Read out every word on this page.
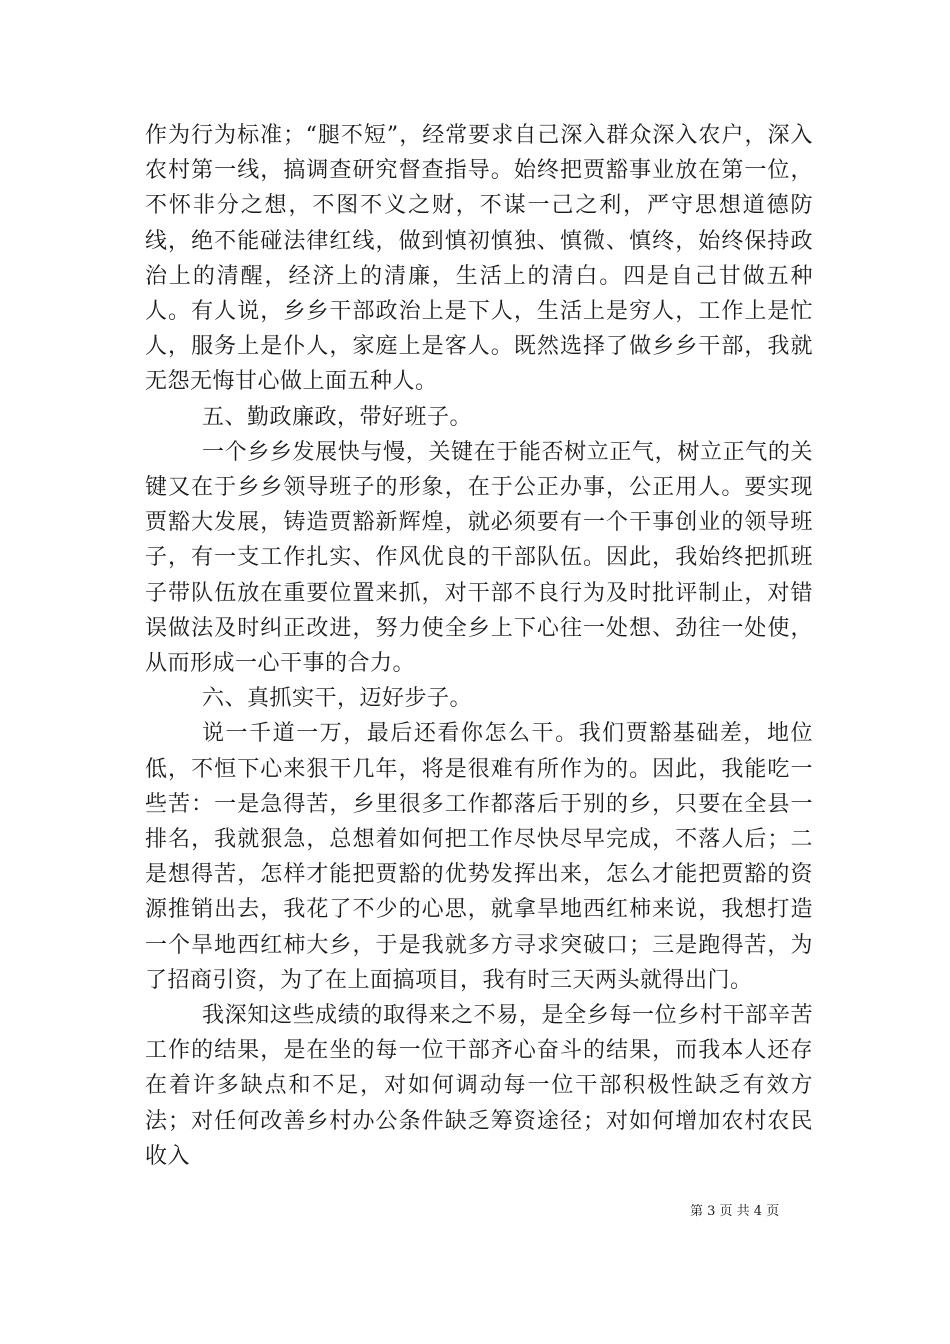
作为行为标准；“腿不短”，经常要求自己深入群众深入农户，深入农村第一线，搞调查研究督查指导。始终把贾豁事业放在第一位，不怀非分之想，不图不义之财，不谋一己之利，严守思想道德防线，绝不能碰法律红线，做到慎初慎独、慎微、慎终，始终保持政治上的清醒，经济上的清廉，生活上的清白。四是自己甘做五种人。有人说，乡乡干部政治上是下人，生活上是穷人，工作上是忙人，服务上是仆人，家庭上是客人。既然选择了做乡乡干部，我就无怨无悔甘心做上面五种人。

五、勤政廉政，带好班子。

一个乡乡发展快与慢，关键在于能否树立正气，树立正气的关键又在于乡乡领导班子的形象，在于公正办事，公正用人。要实现贾豁大发展，铸造贾豁新辉煌，就必须要有一个干事创业的领导班子，有一支工作扎实、作风优良的干部队伍。因此，我始终把抓班子带队伍放在重要位置来抓，对干部不良行为及时批评制止，对错误做法及时纠正改进，努力使全乡上下心往一处想、劲往一处使，从而形成一心干事的合力。

六、真抓实干，迈好步子。

说一千道一万，最后还看你怎么干。我们贾豁基础差，地位低，不恒下心来狠干几年，将是很难有所作为的。因此，我能吃一些苦：一是急得苦，乡里很多工作都落后于别的乡，只要在全县一排名，我就狠急，总想着如何把工作尽快尽早完成，不落人后；二是想得苦，怎样才能把贾豁的优势发挥出来，怎么才能把贾豁的资源推销出去，我花了不少的心思，就拿旱地西红柿来说，我想打造一个旱地西红柿大乡，于是我就多方寻求突破口；三是跑得苦，为了招商引资，为了在上面搞项目，我有时三天两头就得出门。

我深知这些成绩的取得来之不易，是全乡每一位乡村干部辛苦工作的结果，是在坐的每一位干部齐心奋斗的结果，而我本人还存在着许多缺点和不足，对如何调动每一位干部积极性缺乏有效方法；对任何改善乡村办公条件缺乏筹资途径；对如何增加农村农民收入

第 3 页 共 4 页
